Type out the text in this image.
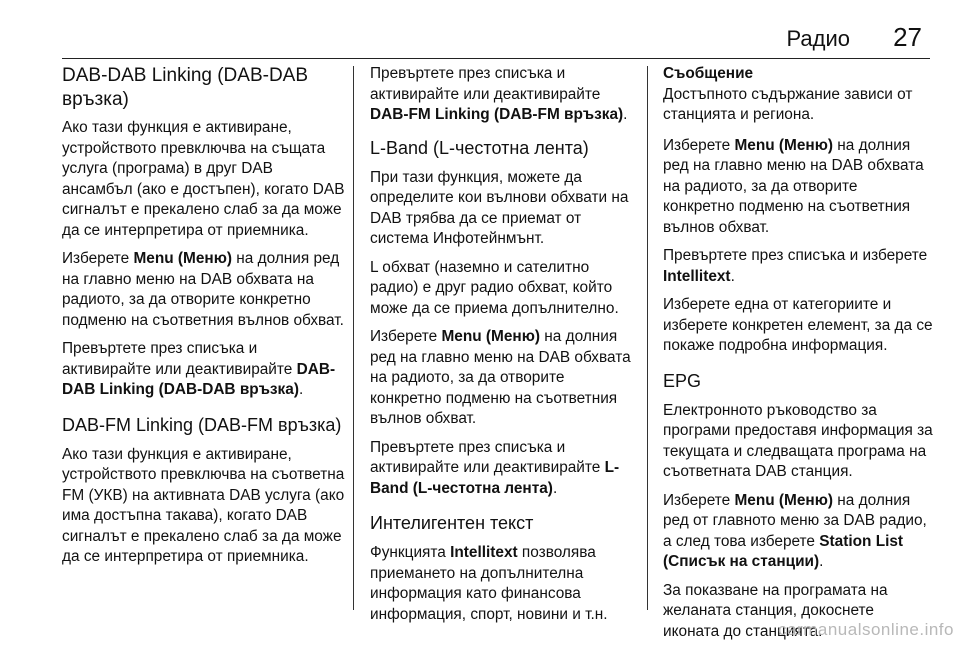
Радио 27
DAB-DAB Linking (DAB-DAB връзка)

Ако тази функция е активиране, устройството превключва на същата услуга (програма) в друг DAB ансамбъл (ако е достъпен), когато DAB сигналът е прекалено слаб за да може да се интерпретира от приемника.

Изберете Menu (Меню) на долния ред на главно меню на DAB обхвата на радиото, за да отворите конкретно подменю на съответния вълнов обхват.

Превъртете през списъка и активирайте или деактивирайте DAB-DAB Linking (DAB-DAB връзка).

DAB-FM Linking (DAB-FM връзка)

Ако тази функция е активиране, устройството превключва на съответна FM (УКВ) на активната DAB услуга (ако има достъпна такава), когато DAB сигналът е прекалено слаб за да може да се интерпретира от приемника.

Превъртете през списъка и активирайте или деактивирайте DAB-FM Linking (DAB-FM връзка).

L-Band (L-честотна лента)

При тази функция, можете да определите кои вълнови обхвати на DAB трябва да се приемат от система Инфотейнмънт.

L обхват (наземно и сателитно радио) е друг радио обхват, който може да се приема допълнително.

Изберете Menu (Меню) на долния ред на главно меню на DAB обхвата на радиото, за да отворите конкретно подменю на съответния вълнов обхват.

Превъртете през списъка и активирайте или деактивирайте L-Band (L-честотна лента).

Интелигентен текст

Функцията Intellitext позволява приемането на допълнителна информация като финансова информация, спорт, новини и т.н.

Съобщение

Достъпното съдържание зависи от станцията и региона.

Изберете Menu (Меню) на долния ред на главно меню на DAB обхвата на радиото, за да отворите конкретно подменю на съответния вълнов обхват.

Превъртете през списъка и изберете Intellitext.

Изберете една от категориите и изберете конкретен елемент, за да се покаже подробна информация.

EPG

Електронното ръководство за програми предоставя информация за текущата и следващата програма на съответната DAB станция.

Изберете Menu (Меню) на долния ред от главното меню за DAB радио, а след това изберете Station List (Списък на станции).

За показване на програмата на желаната станция, докоснете иконата до станцията.

carmanualsonline.info
